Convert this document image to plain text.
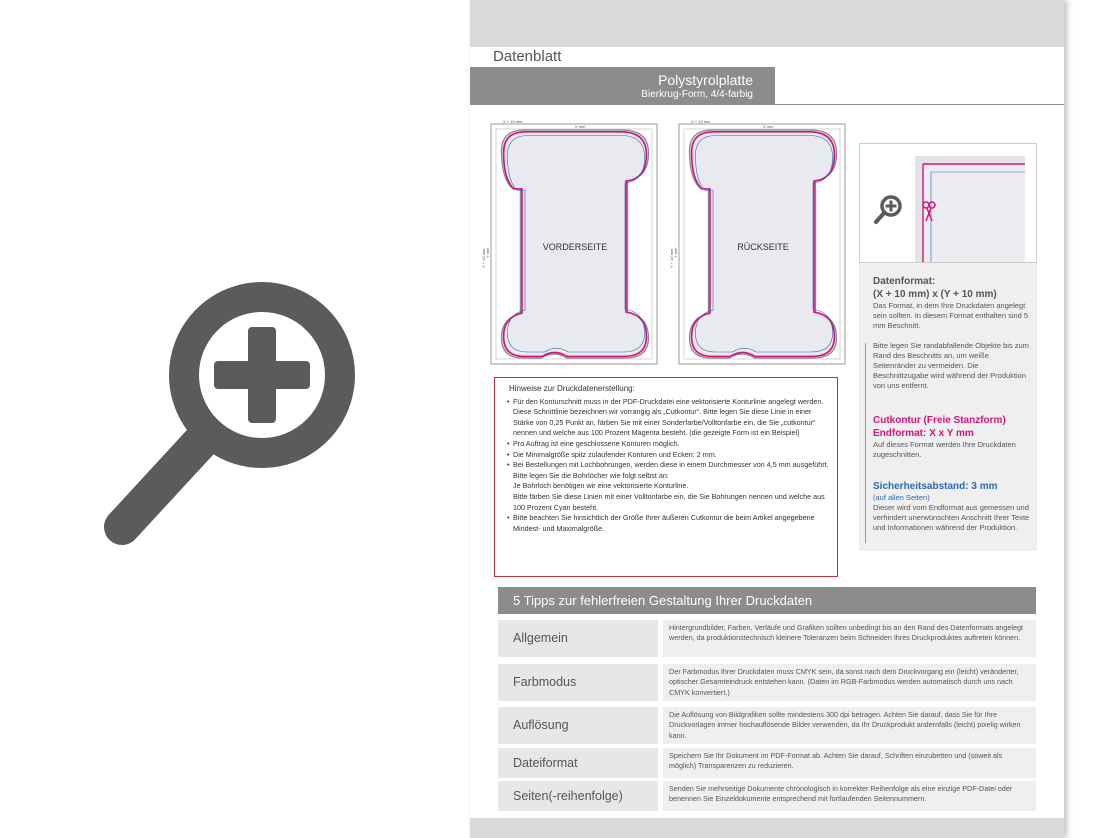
Datenblatt
Polystyrolplatte
Bierkrug-Form, 4/4-farbig
X + 10 mm
X mm
VORDERSEITE
X + 10 mm
X mm
RÜCKSEITE
Y + 10 mm Y mm	Y + 10 mm Y mm
Datenformat:
(X + 10 mm) x (Y + 10 mm)
Das Format, in dem Ihre Druckdaten angelegt sein sollten. In diesem Format enthalten sind 5 mm Beschnitt.
Bitte legen Sie randabfallende Objekte bis zum Rand des Beschnitts an, um weiße Seitenränder zu vermeiden. Die Beschnittzugabe wird während der Produktion von uns entfernt.
Cutkontur (Freie Stanzform)
Endformat: X x Y mm
Auf dieses Format werden Ihre Druckdaten zugeschnitten.
Sicherheitsabstand: 3 mm
(auf allen Seiten)
Dieser wird vom Endformat aus gemessen und verhindert unerwünschten Anschnitt Ihrer Texte und Informationen während der Produktion.
Hinweise zur Druckdatenerstellung:
• Für den Konturschnitt muss in der PDF-Druckdatei eine vektorisierte Konturlinie angelegt werden. Diese Schnittlinie bezeichnen wir vorrangig als „Cutkontur“. Bitte legen Sie diese Linie in einer Stärke von 0,25 Punkt an, färben Sie mit einer Sonderfarbe/Volltonfarbe ein, die Sie „cutkontur“ nennen und welche aus 100 Prozent Magenta besteht. (die gezeigte Form ist ein Beispiel)
• Pro Auftrag ist eine geschlossene Konturen möglich.
• Die Minimalgröße spitz zulaufender Konturen und Ecken: 2 mm.
• Bei Bestellungen mit Lochbohrungen, werden diese in einem Durchmesser von 4,5 mm ausgeführt. Bitte legen Sie die Bohrlöcher wie folgt selbst an:
Je Bohrloch benötigen wir eine vektorisierte Konturline.
Bitte färben Sie diese Linien mit einer Volltonfarbe ein, die Sie Bohrungen nennen und welche aus 100 Prozent Cyan besteht.
• Bitte beachten Sie hinsichtlich der Größe Ihrer äußeren Cutkontur die beim Artikel angegebene Mindest- und Maximalgröße.
5 Tipps zur fehlerfreien Gestaltung Ihrer Druckdaten
Allgemein
Hintergrundbilder, Farben, Verläufe und Grafiken sollten unbedingt bis an den Rand des Datenformats angelegt werden, da produktionstechnisch kleinere Toleranzen beim Schneiden Ihres Druckproduktes auftreten können.
Farbmodus
Der Farbmodus Ihrer Druckdaten muss CMYK sein, da sonst nach dem Druckvorgang ein (leicht) veränderter, optischer Gesamteindruck entstehen kann. (Daten im RGB-Farbmodus werden automatisch durch uns nach CMYK konvertiert.)
Auflösung
Die Auflösung von Bildgrafiken sollte mindestens 300 dpi betragen. Achten Sie darauf, dass Sie für Ihre Druckvorlagen immer hochauflösende Bilder verwenden, da Ihr Druckprodukt andernfalls (leicht) pixelig wirken kann.
Dateiformat
Speichern Sie Ihr Dokument im PDF-Format ab. Achten Sie darauf, Schriften einzubetten und (soweit als möglich) Transparenzen zu reduzieren.
Seiten(-reihenfolge)
Senden Sie mehrseitige Dokumente chronologisch in korrekter Reihenfolge als eine einzige PDF-Datei oder benennen Sie Einzeldokumente entsprechend mit fortlaufenden Seitennummern.
